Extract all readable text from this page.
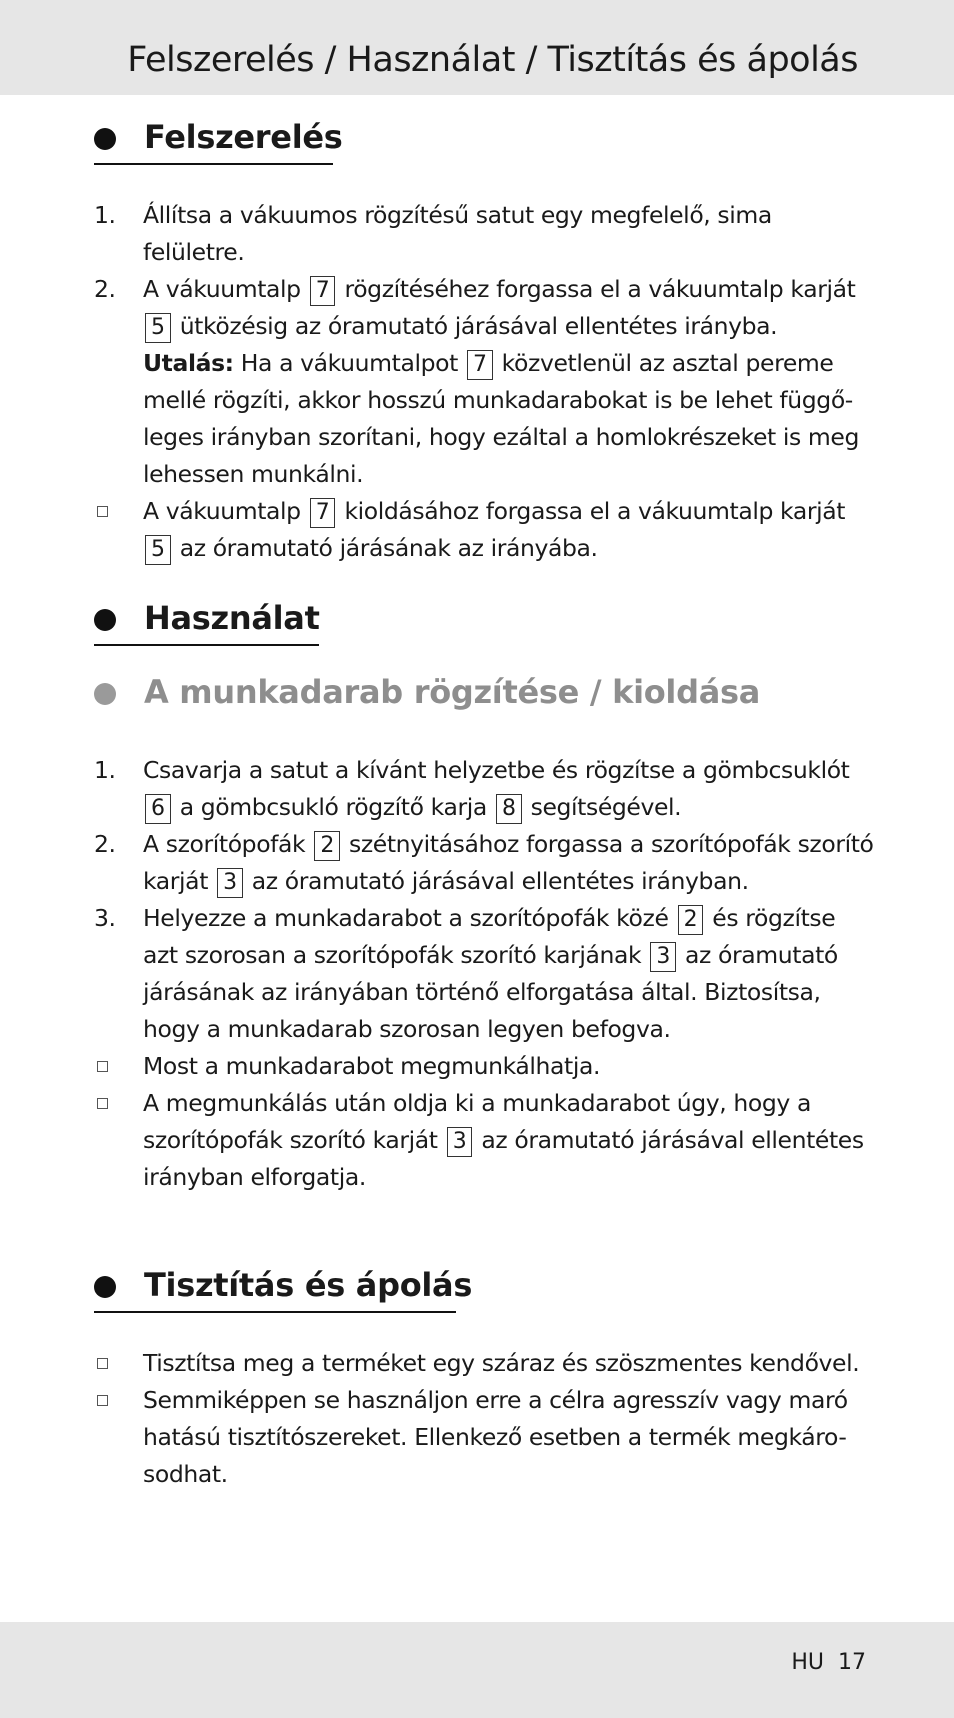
Felszerelés / Használat / Tisztítás és ápolás
Felszerelés
1. Állítsa a vákuumos rögzítésű satut egy megfelelő, sima felületre.
2. A vákuumtalp 7 rögzítéséhez forgassa el a vákuumtalp karját 5 ütközésig az óramutató járásával ellentétes irányba. Utalás: Ha a vákuumtalpot 7 közvetlenül az asztal pereme mellé rögzíti, akkor hosszú munkadarabokat is be lehet függő-leges irányban szorítani, hogy ezáltal a homlokrészeket is meg lehessen munkálni.
A vákuumtalp 7 kioldásához forgassa el a vákuumtalp karját 5 az óramutató járásának az irányába.
Használat
A munkadarab rögzítése / kioldása
1. Csavarja a satut a kívánt helyzetbe és rögzítse a gömbcsuklót 6 a gömbcsukló rögzítő karja 8 segítségével.
2. A szorítópofák 2 szétnyitásához forgassa a szorítópofák szorító karját 3 az óramutató járásával ellentétes irányban.
3. Helyezze a munkadarabot a szorítópofák közé 2 és rögzítse azt szorosan a szorítópofák szorító karjának 3 az óramutató járásának az irányában történő elforgatása által. Biztosítsa, hogy a munkadarab szorosan legyen befogva.
Most a munkadarabot megmunkálhatja.
A megmunkálás után oldja ki a munkadarabot úgy, hogy a szorítópofák szorító karját 3 az óramutató járásával ellentétes irányban elforgatja.
Tisztítás és ápolás
Tisztítsa meg a terméket egy száraz és szöszmentes kendővel.
Semmiképpen se használjon erre a célra agresszív vagy maró hatású tisztítószereket. Ellenkező esetben a termék megkáro-sodhat.
HU 17
